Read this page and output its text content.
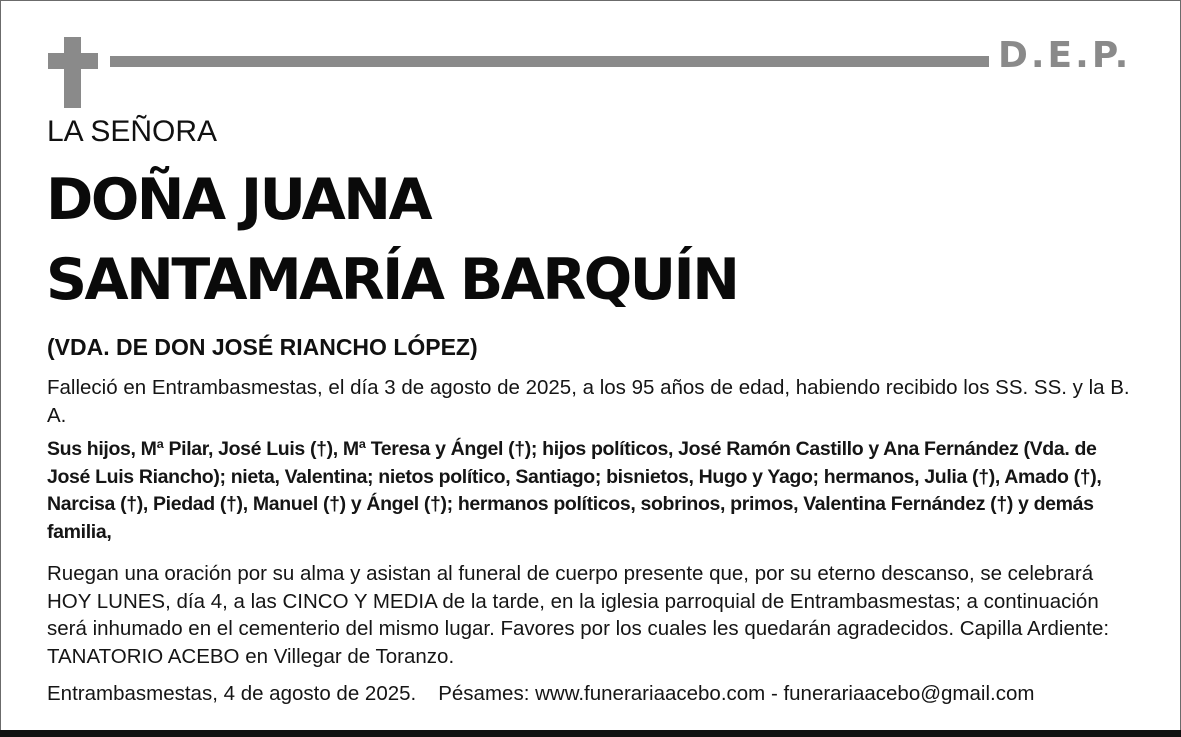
D.E.P.
LA SEÑORA
DOÑA JUANA
SANTAMARÍA BARQUÍN
(VDA. DE DON JOSÉ RIANCHO LÓPEZ)
Falleció en Entrambasmestas, el día 3 de agosto de 2025, a los 95 años de edad, habiendo recibido los SS. SS. y la B. A.
Sus hijos, Mª Pilar, José Luis (†), Mª Teresa y Ángel (†); hijos políticos, José Ramón Castillo y Ana Fernández (Vda. de José Luis Riancho); nieta, Valentina; nietos político, Santiago; bisnietos, Hugo y Yago; hermanos, Julia (†), Amado (†), Narcisa (†), Piedad (†), Manuel (†) y Ángel (†); hermanos políticos, sobrinos, primos, Valentina Fernández (†) y demás familia,
Ruegan una oración por su alma y asistan al funeral de cuerpo presente que, por su eterno descanso, se celebrará HOY LUNES, día 4, a las CINCO Y MEDIA de la tarde, en la iglesia parroquial de Entrambasmestas; a continuación será inhumado en el cementerio del mismo lugar. Favores por los cuales les quedarán agradecidos. Capilla Ardiente: TANATORIO ACEBO en Villegar de Toranzo.
Entrambasmestas, 4 de agosto de 2025. Pésames: www.funerariaacebo.com - funerariaacebo@gmail.com
